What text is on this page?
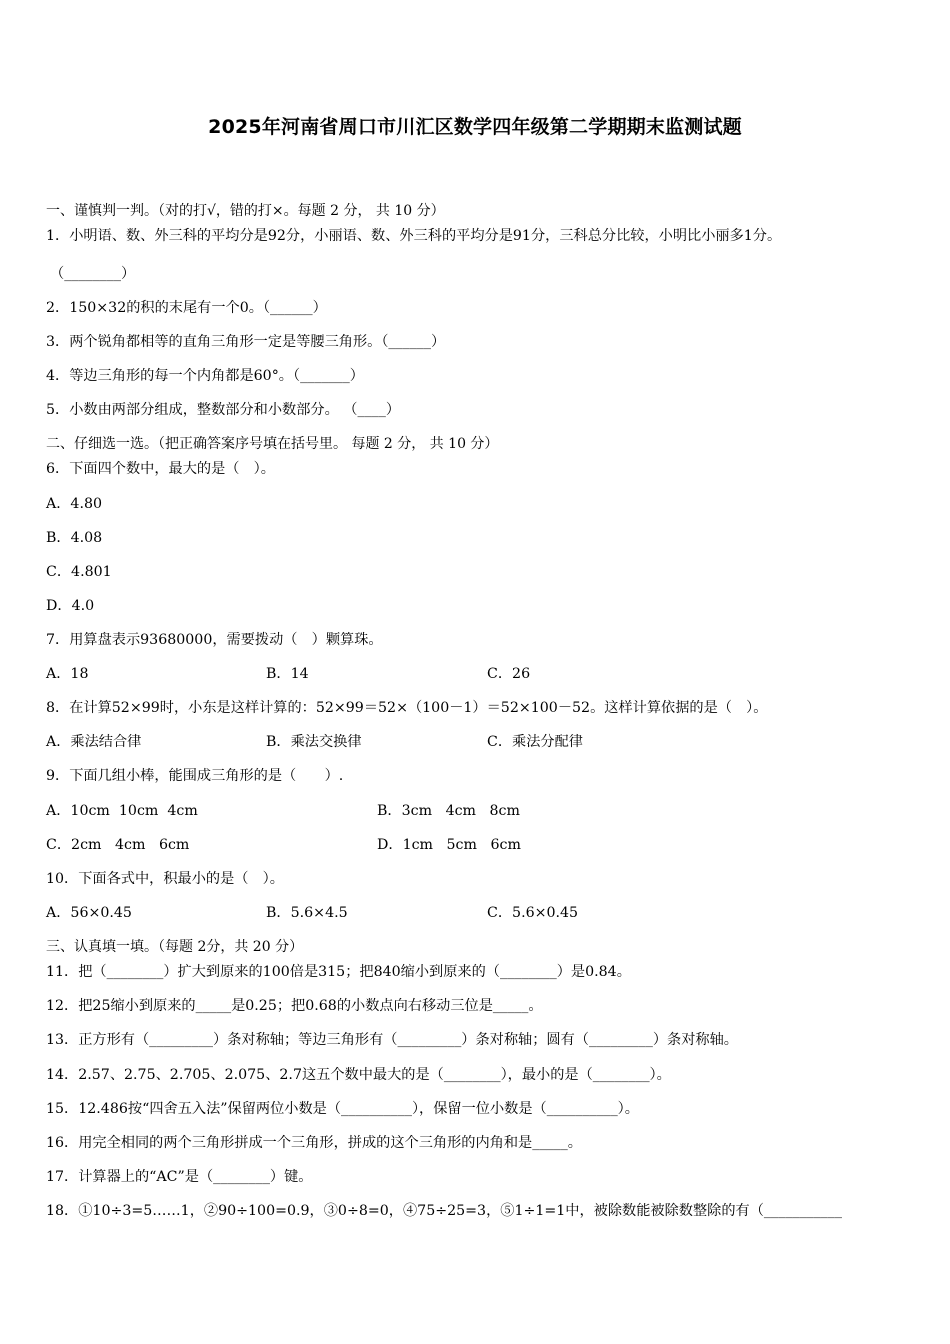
2025年河南省周口市川汇区数学四年级第二学期期末监测试题
一、谨慎判一判。（对的打√，错的打×。每题 2 分， 共 10 分）
1．小明语、数、外三科的平均分是92分，小丽语、数、外三科的平均分是91分，三科总分比较，小明比小丽多1分。
（________）
2．150×32的积的末尾有一个0。（______）
3．两个锐角都相等的直角三角形一定是等腰三角形。（______）
4．等边三角形的每一个内角都是60°。（_______）
5．小数由两部分组成，整数部分和小数部分。 （____）
二、仔细选一选。（把正确答案序号填在括号里。 每题 2 分， 共 10 分）
6．下面四个数中，最大的是（　）。
A．4.80
B．4.08
C．4.801
D．4.0
7．用算盘表示93680000，需要拨动（　）颗算珠。
A．18	B．14	C．26
8．在计算52×99时，小东是这样计算的：52×99＝52×（100－1）＝52×100－52。这样计算依据的是（　）。
A．乘法结合律	B．乘法交换律	C．乘法分配律
9．下面几组小棒，能围成三角形的是（　　）.
A．10cm  10cm  4cm	B．3cm   4cm   8cm
C．2cm   4cm   6cm	D．1cm   5cm   6cm
10．下面各式中，积最小的是（　）。
A．56×0.45	B．5.6×4.5	C．5.6×0.45
三、认真填一填。（每题 2分，共 20 分）
11．把（________）扩大到原来的100倍是315；把840缩小到原来的（________）是0.84。
12．把25缩小到原来的_____是0.25；把0.68的小数点向右移动三位是_____。
13．正方形有（_________）条对称轴；等边三角形有（_________）条对称轴；圆有（_________）条对称轴。
14．2.57、2.75、2.705、2.075、2.7这五个数中最大的是（________），最小的是（________）。
15．12.486按“四舍五入法”保留两位小数是（__________），保留一位小数是（__________）。
16．用完全相同的两个三角形拼成一个三角形，拼成的这个三角形的内角和是_____。
17．计算器上的“AC”是（________）键。
18．①10÷3=5……1，②90÷100=0.9，③0÷8=0，④75÷25=3，⑤1÷1=1中，被除数能被除数整除的有（___________
